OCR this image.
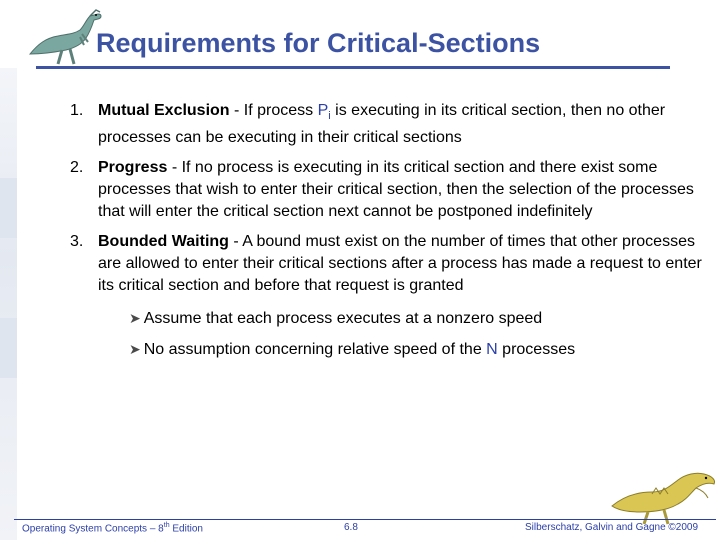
Requirements for Critical-Sections
1. Mutual Exclusion - If process $P_i$ is executing in its critical section, then no other processes can be executing in their critical sections
2. Progress - If no process is executing in its critical section and there exist some processes that wish to enter their critical section, then the selection of the processes that will enter the critical section next cannot be postponed indefinitely
3. Bounded Waiting - A bound must exist on the number of times that other processes are allowed to enter their critical sections after a process has made a request to enter its critical section and before that request is granted
➤ Assume that each process executes at a nonzero speed
➤ No assumption concerning relative speed of the N processes
Operating System Concepts – 8th Edition	6.8	Silberschatz, Galvin and Gagne ©2009
